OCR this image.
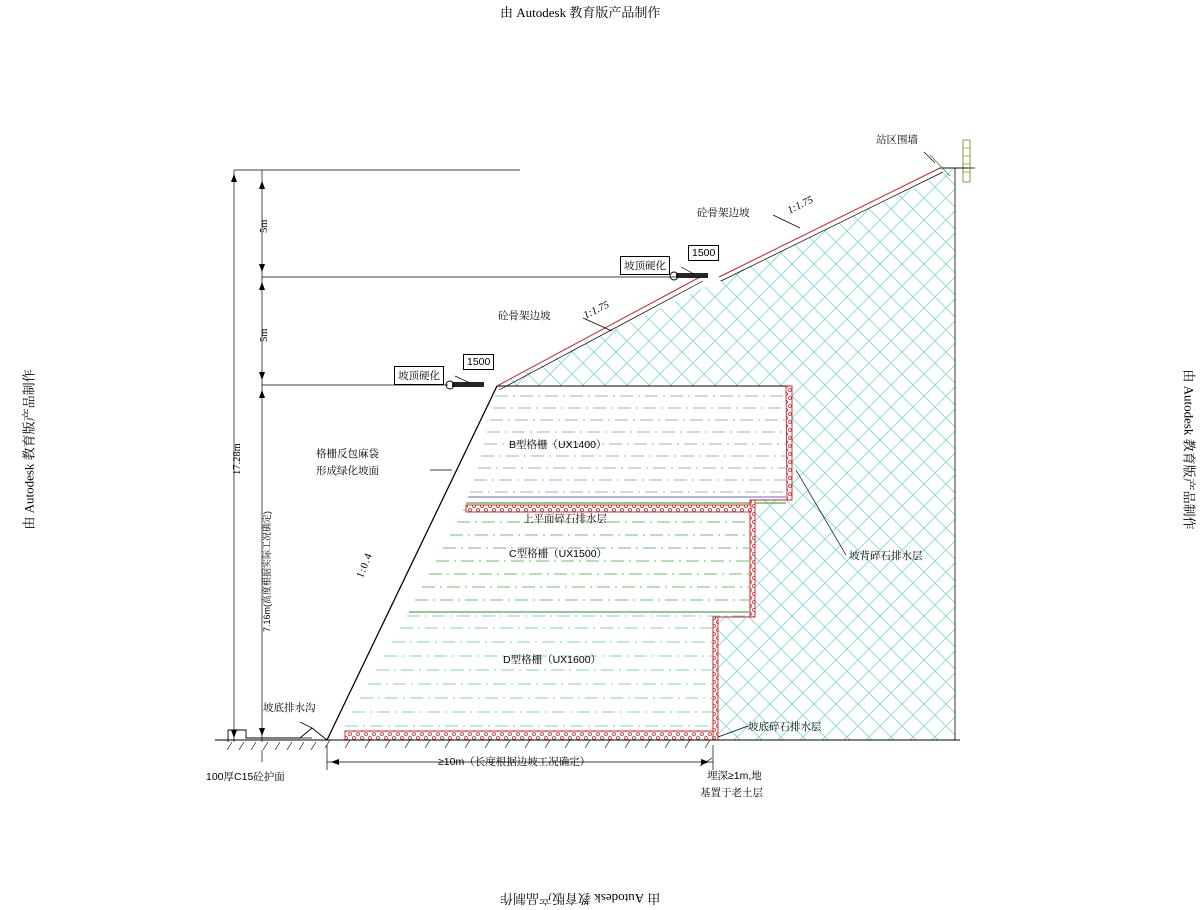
由 Autodesk 教育版产品制作
由 Autodesk 教育版产品制作
由 Autodesk 教育版产品制作	由 Autodesk 教育版产品制作
站区围墙
砼骨架边坡	1:1.75
1500
坡顶硬化
砼骨架边坡	1:1.75
1500
坡顶硬化
B型格栅（UX1400）
C型格栅（UX1500）
D型格栅（UX1600）
上平面碎石排水层
坡背碎石排水层
坡底碎石排水层
格栅反包麻袋
形成绿化坡面
1:0.4
坡底排水沟
100厚C15砼护面
≥10m（长度根据边坡工况确定）
埋深≥1m,地
基置于老土层
17.28m
7.16m(高度根据实际工况确定)
5m
5m
